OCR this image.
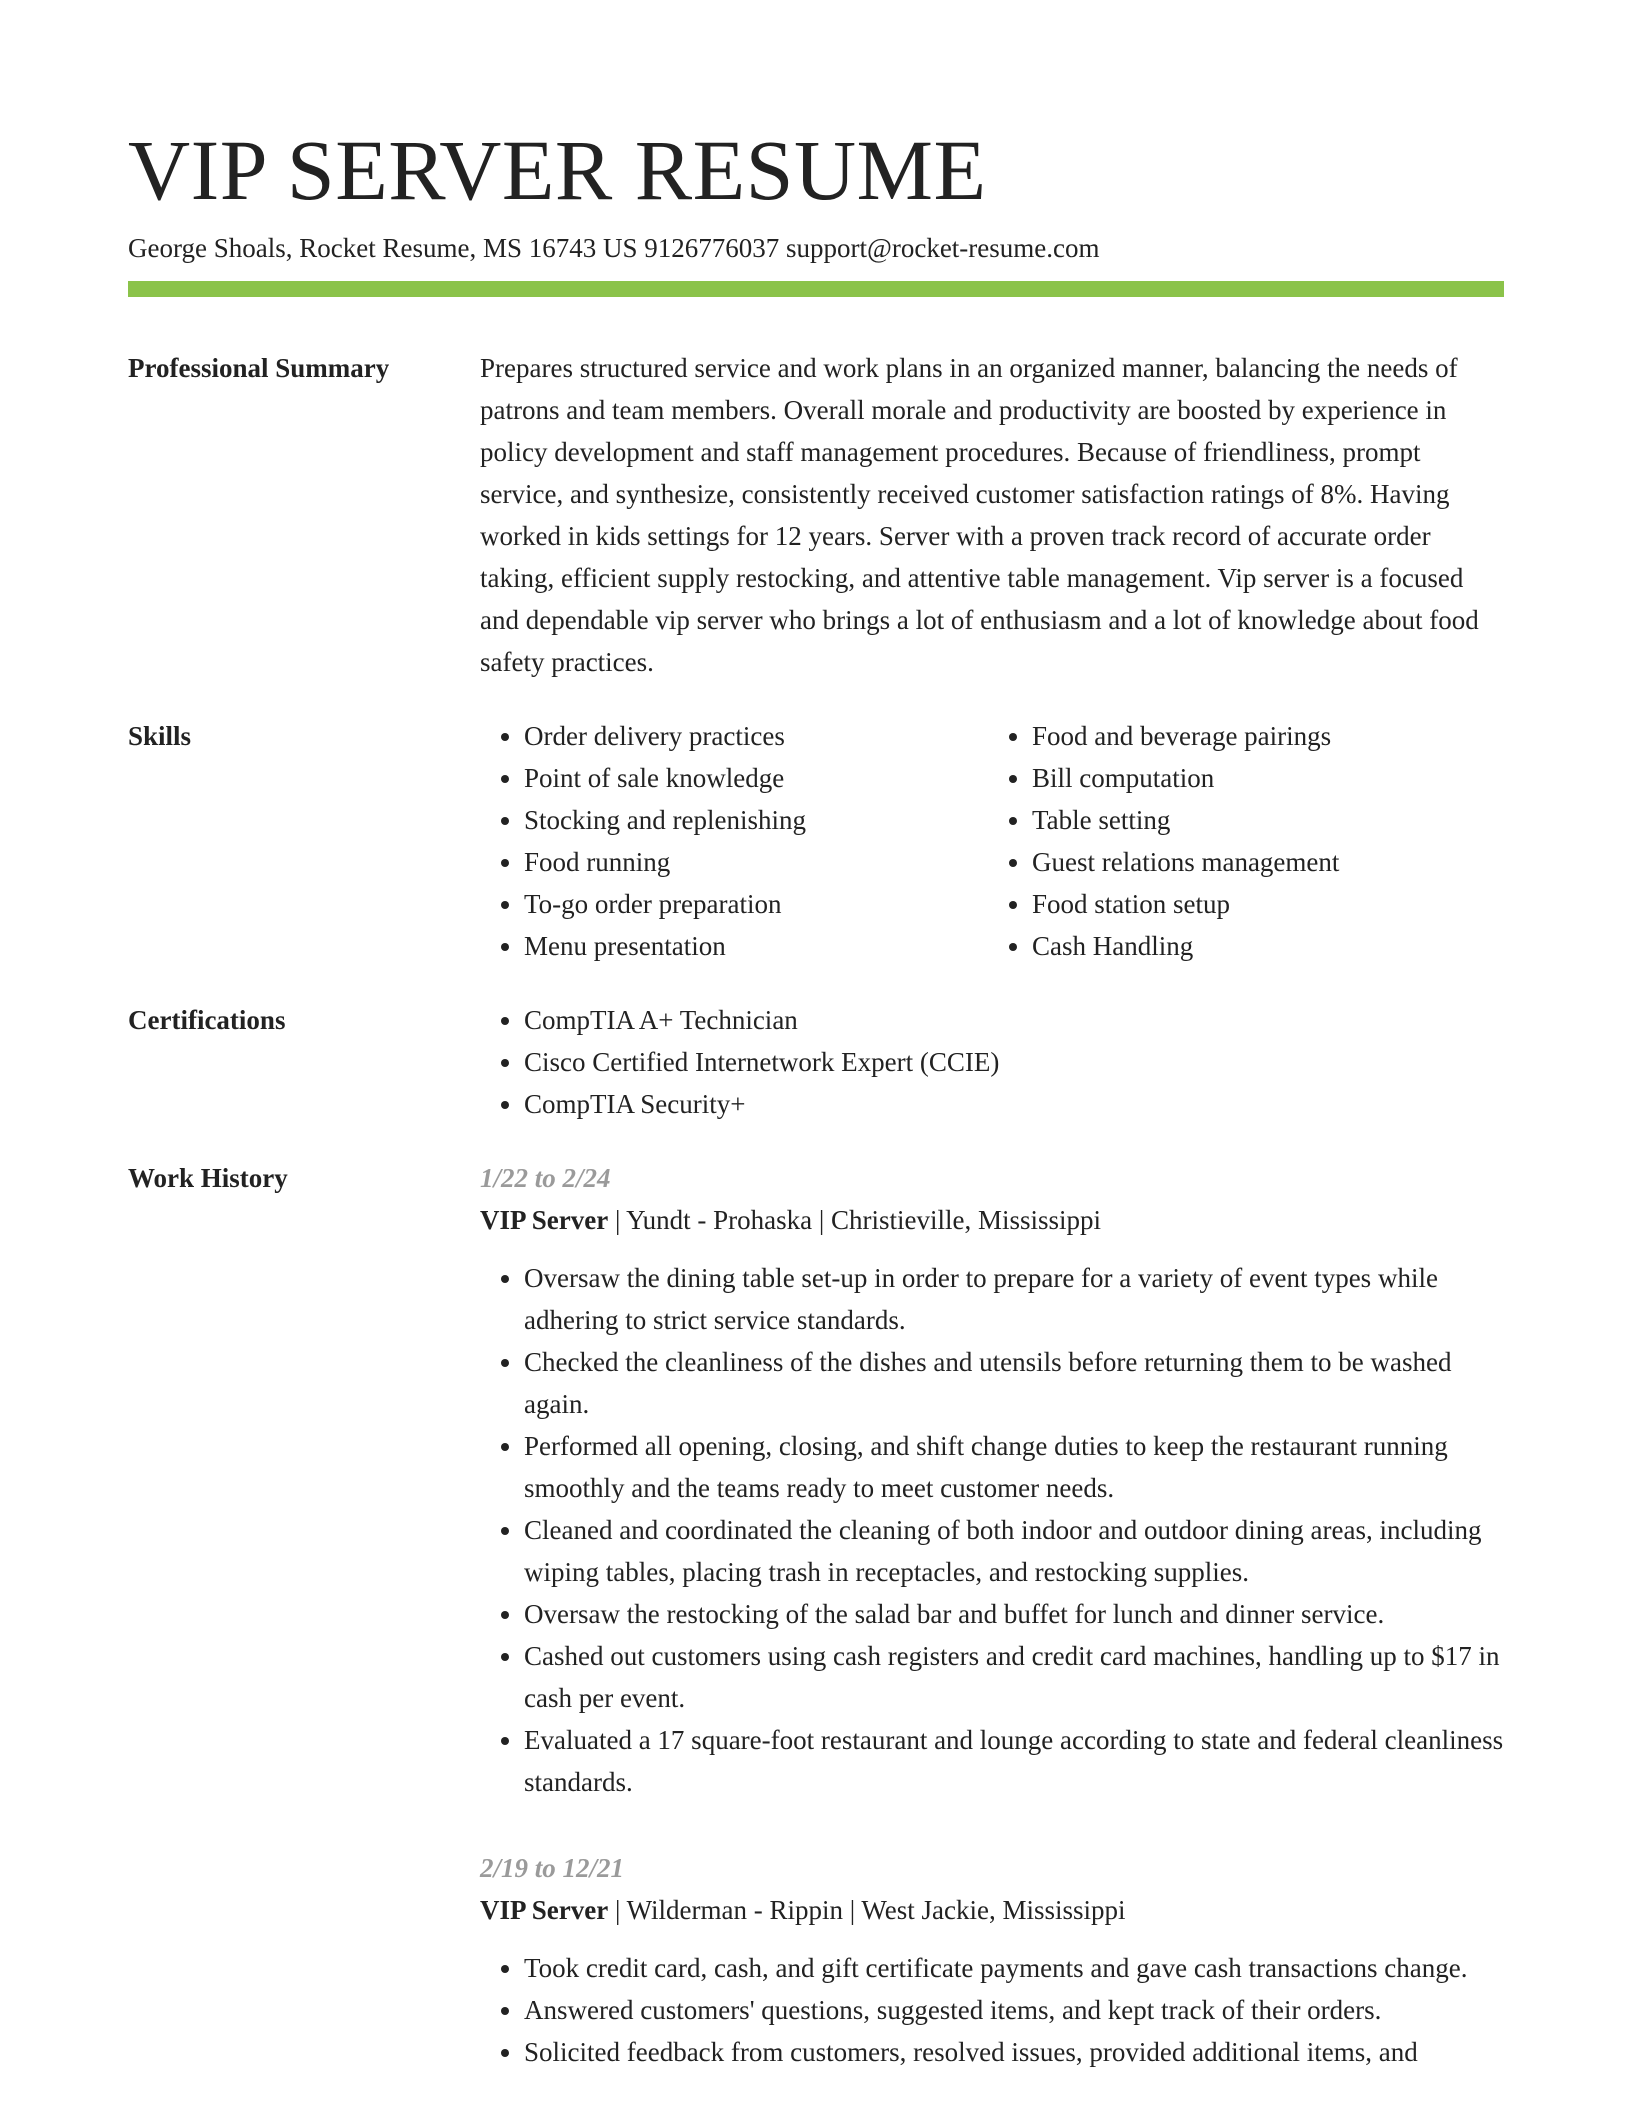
VIP SERVER RESUME
George Shoals, Rocket Resume, MS 16743 US 9126776037 support@rocket-resume.com
Professional Summary	Prepares structured service and work plans in an organized manner, balancing the needs of patrons and team members. Overall morale and productivity are boosted by experience in policy development and staff management procedures. Because of friendliness, prompt service, and synthesize, consistently received customer satisfaction ratings of 8%. Having worked in kids settings for 12 years. Server with a proven track record of accurate order taking, efficient supply restocking, and attentive table management. Vip server is a focused and dependable vip server who brings a lot of enthusiasm and a lot of knowledge about food safety practices.

Skills	• Order delivery practices
• Point of sale knowledge
• Stocking and replenishing
• Food running
• To-go order preparation
• Menu presentation
• Food and beverage pairings
• Bill computation
• Table setting
• Guest relations management
• Food station setup
• Cash Handling
Certifications	• CompTIA A+ Technician
• Cisco Certified Internetwork Expert (CCIE)
• CompTIA Security+
Work History	1/22 to 2/24
VIP Server | Yundt - Prohaska | Christieville, Mississippi
• Oversaw the dining table set-up in order to prepare for a variety of event types while adhering to strict service standards.
• Checked the cleanliness of the dishes and utensils before returning them to be washed again.
• Performed all opening, closing, and shift change duties to keep the restaurant running smoothly and the teams ready to meet customer needs.
• Cleaned and coordinated the cleaning of both indoor and outdoor dining areas, including wiping tables, placing trash in receptacles, and restocking supplies.
• Oversaw the restocking of the salad bar and buffet for lunch and dinner service.
• Cashed out customers using cash registers and credit card machines, handling up to $17 in cash per event.
• Evaluated a 17 square-foot restaurant and lounge according to state and federal cleanliness standards.
2/19 to 12/21
VIP Server | Wilderman - Rippin | West Jackie, Mississippi
• Took credit card, cash, and gift certificate payments and gave cash transactions change.
• Answered customers' questions, suggested items, and kept track of their orders.
• Solicited feedback from customers, resolved issues, provided additional items, and
